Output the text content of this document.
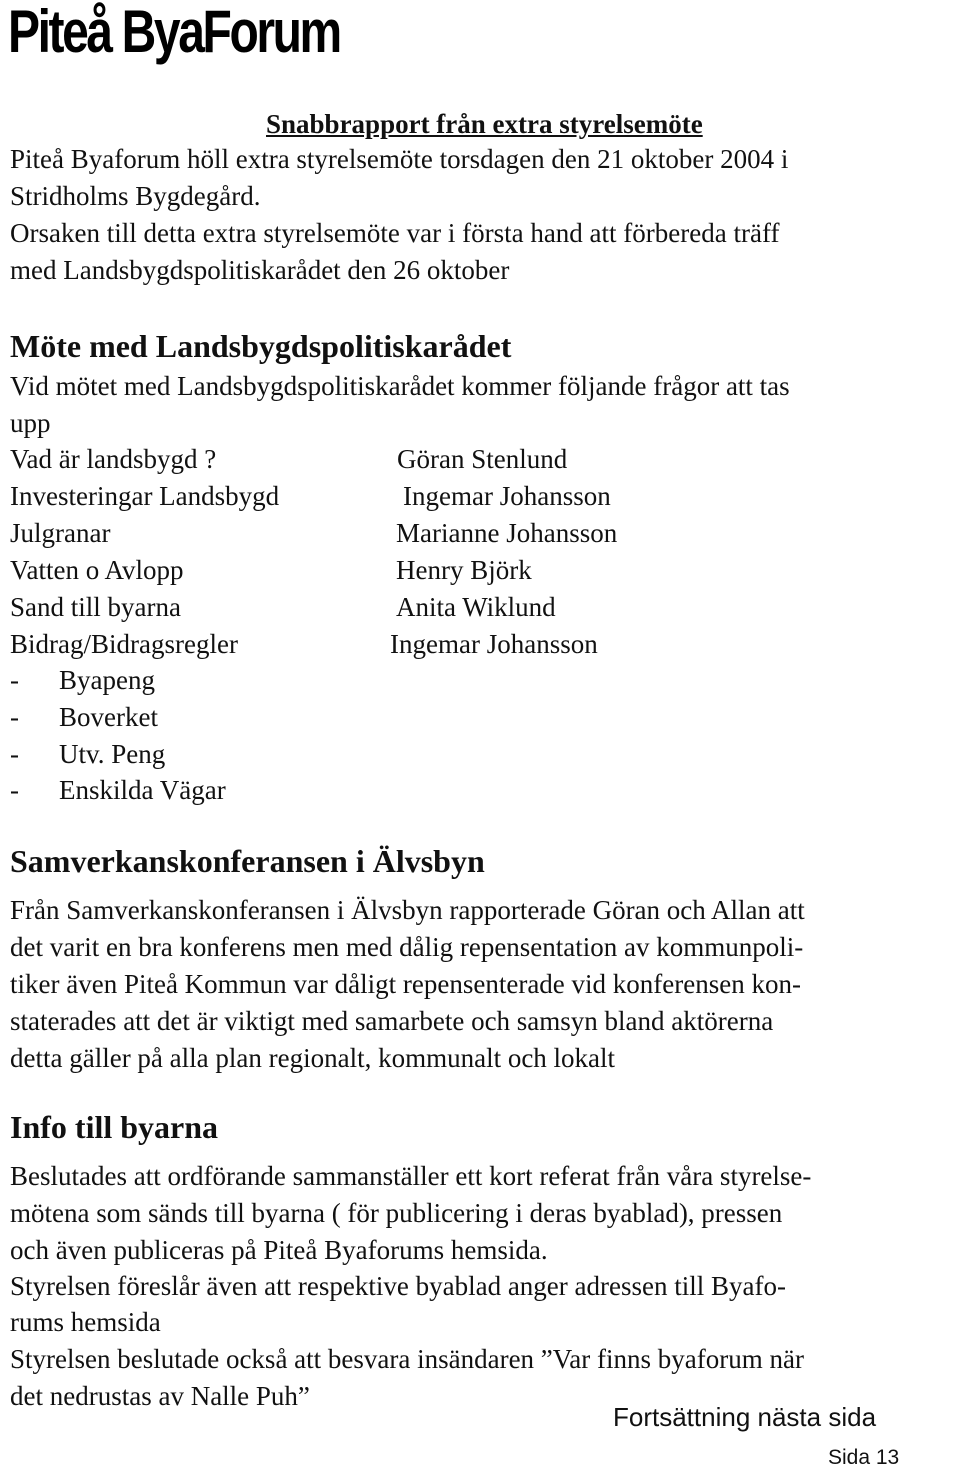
Piteå ByaForum
Snabbrapport från extra styrelsemöte
Piteå Byaforum höll extra styrelsemöte torsdagen den 21 oktober 2004 i
Stridholms Bygdegård.
Orsaken till detta extra styrelsemöte var i första hand att förbereda träff
med Landsbygdspolitiskarådet den 26 oktober
Möte med Landsbygdspolitiskarådet
Vid mötet med Landsbygdspolitiskarådet kommer följande frågor att tas
upp
Vad är landsbygd ?	Göran Stenlund
Investeringar Landsbygd	Ingemar Johansson
Julgranar	Marianne Johansson
Vatten o Avlopp	Henry Björk
Sand till byarna	Anita Wiklund
Bidrag/Bidragsregler	Ingemar Johansson
- Byapeng
- Boverket
- Utv. Peng
- Enskilda Vägar
Samverkanskonferansen i Älvsbyn
Från Samverkanskonferansen i Älvsbyn rapporterade Göran och Allan att
det varit en bra konferens men med dålig repensentation av kommunpoli-
tiker även Piteå Kommun var dåligt repensenterade vid konferensen kon-
staterades att det är viktigt med samarbete och samsyn bland aktörerna
detta gäller på alla plan regionalt, kommunalt och lokalt
Info till byarna
Beslutades att ordförande sammanställer ett kort referat från våra styrelse-
mötena som sänds till byarna ( för publicering i deras byablad), pressen
och även publiceras på Piteå Byaforums hemsida.
Styrelsen föreslår även att respektive byablad anger adressen till Byafo-
rums hemsida
Styrelsen beslutade också att besvara insändaren ”Var finns byaforum när
det nedrustas av Nalle Puh”
Fortsättning nästa sida
Sida 13
